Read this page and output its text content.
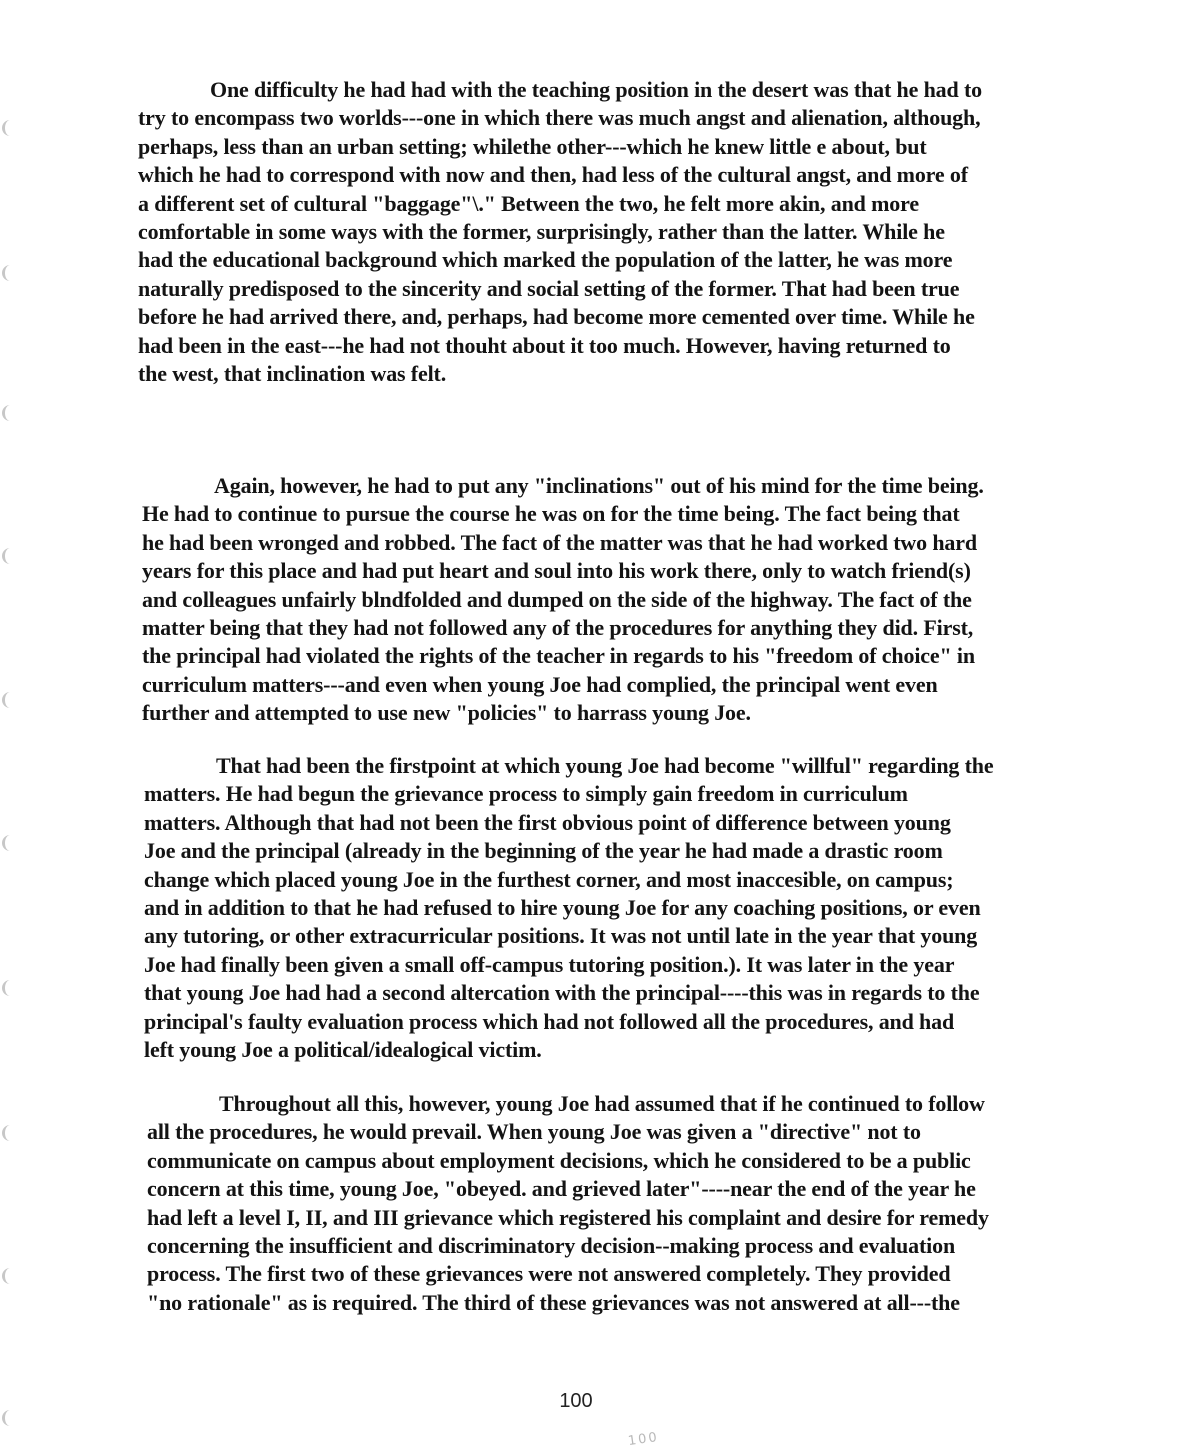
One difficulty he had had with the teaching position in the desert was that he had to
try to encompass two worlds---one in which there was much angst and alienation, although,
perhaps, less than an urban setting; whilethe other---which he knew little e about, but
which he had to correspond with now and then, had less of the cultural angst, and more of
a different set of cultural "baggage"\." Between the two, he felt more akin, and more
comfortable in some ways with the former, surprisingly, rather than the latter. While he
had the educational background which marked the population of the latter, he was more
naturally predisposed to the sincerity and social setting of the former. That had been true
before he had arrived there, and, perhaps, had become more cemented over time. While he
had been in the east---he had not thouht about it too much. However, having returned to
the west, that inclination was felt.
Again, however, he had to put any "inclinations" out of his mind for the time being.
He had to continue to pursue the course he was on for the time being. The fact being that
he had been wronged and robbed. The fact of the matter was that he had worked two hard
years for this place and had put heart and soul into his work there, only to watch friend(s)
and colleagues unfairly blndfolded and dumped on the side of the highway. The fact of the
matter being that they had not followed any of the procedures for anything they did. First,
the principal had violated the rights of the teacher in regards to his "freedom of choice" in
curriculum matters---and even when young Joe had complied, the principal went even
further and attempted to use new "policies" to harrass young Joe.
That had been the firstpoint at which young Joe had become "willful" regarding the
matters. He had begun the grievance process to simply gain freedom in curriculum
matters. Although that had not been the first obvious point of difference between young
Joe and the principal (already in the beginning of the year he had made a drastic room
change which placed young Joe in the furthest corner, and most inaccesible, on campus;
and in addition to that he had refused to hire young Joe for any coaching positions, or even
any tutoring, or other extracurricular positions. It was not until late in the year that young
Joe had finally been given a small off-campus tutoring position.). It was later in the year
that young Joe had had a second altercation with the principal----this was in regards to the
principal's faulty evaluation process which had not followed all the procedures, and had
left young Joe a political/idealogical victim.
Throughout all this, however, young Joe had assumed that if he continued to follow
all the procedures, he would prevail. When young Joe was given a "directive" not to
communicate on campus about employment decisions, which he considered to be a public
concern at this time, young Joe, "obeyed. and grieved later"----near the end of the year he
had left a level I, II, and III grievance which registered his complaint and desire for remedy
concerning the insufficient and discriminatory decision--making process and evaluation
process. The first two of these grievances were not answered completely. They provided
"no rationale" as is required. The third of these grievances was not answered at all---the
100
100
